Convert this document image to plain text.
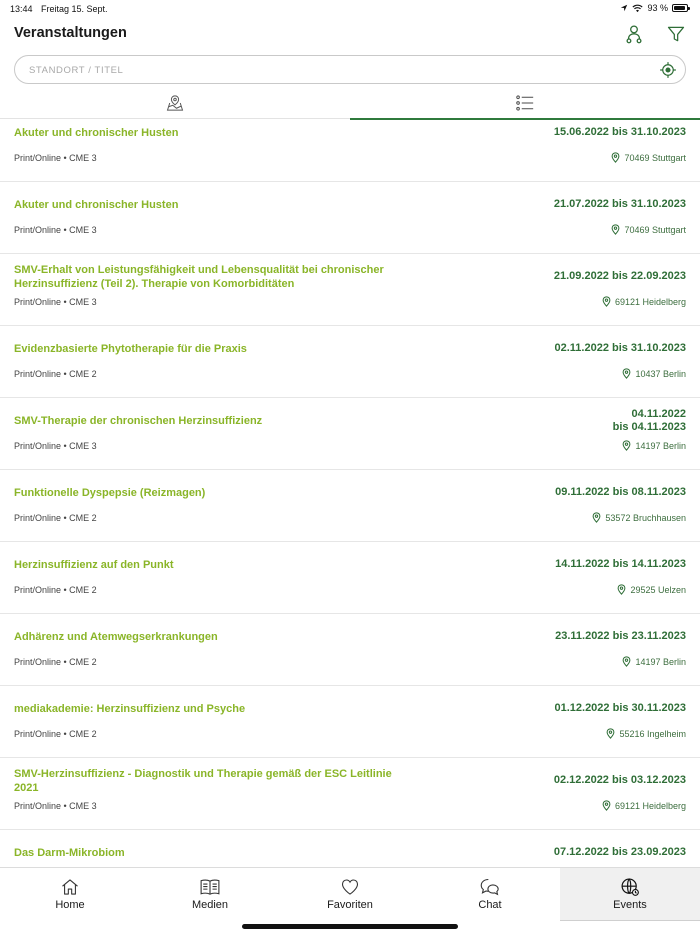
13:44 Freitag 15. Sept.	93 %
Veranstaltungen
STANDORT / TITEL
Akuter und chronischer Husten	15.06.2022 bis 31.10.2023
Print/Online • CME 3	70469 Stuttgart
Akuter und chronischer Husten	21.07.2022 bis 31.10.2023
Print/Online • CME 3	70469 Stuttgart
SMV-Erhalt von Leistungsfähigkeit und Lebensqualität bei chronischer Herzinsuffizienz (Teil 2). Therapie von Komorbiditäten
21.09.2022 bis 22.09.2023
Print/Online • CME 3	69121 Heidelberg
Evidenzbasierte Phytotherapie für die Praxis	02.11.2022 bis 31.10.2023
Print/Online • CME 2	10437 Berlin
SMV-Therapie der chronischen Herzinsuffizienz
04.11.2022
bis 04.11.2023
Print/Online • CME 3	14197 Berlin
Funktionelle Dyspepsie (Reizmagen)	09.11.2022 bis 08.11.2023
Print/Online • CME 2	53572 Bruchhausen
Herzinsuffizienz auf den Punkt	14.11.2022 bis 14.11.2023
Print/Online • CME 2	29525 Uelzen
Adhärenz und Atemwegserkrankungen	23.11.2022 bis 23.11.2023
Print/Online • CME 2	14197 Berlin
mediakademie: Herzinsuffizienz und Psyche	01.12.2022 bis 30.11.2023
Print/Online • CME 2	55216 Ingelheim
SMV-Herzinsuffizienz - Diagnostik und Therapie gemäß der ESC Leitlinie 2021
02.12.2022 bis 03.12.2023
Print/Online • CME 3	69121 Heidelberg
Das Darm-Mikrobiom	07.12.2022 bis 23.09.2023
Home	Medien	Favoriten	Chat	Events
